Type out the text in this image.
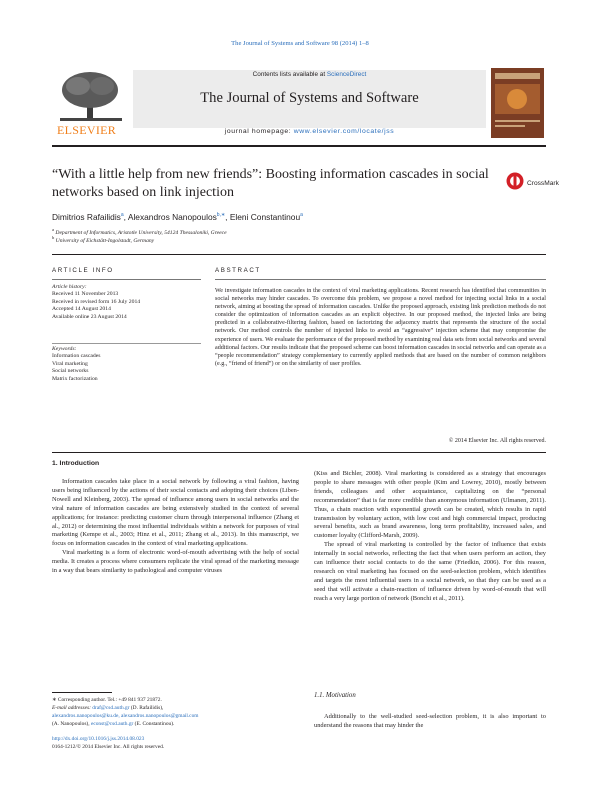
The Journal of Systems and Software 98 (2014) 1–8
ELSEVIER
Contents lists available at ScienceDirect
The Journal of Systems and Software
journal homepage: www.elsevier.com/locate/jss
“With a little help from new friends”: Boosting information cascades in social networks based on link injection
CrossMark
Dimitrios Rafailidis$^a$, Alexandros Nanopoulos$^{b,∗}$, Eleni Constantinou$^a$
$^a$ Department of Informatics, Aristotle University, 54124 Thessaloniki, Greece
$^b$ University of Eichstätt-Ingolstadt, Germany
ARTICLE INFO
Article history:
Received 11 November 2013
Received in revised form 16 July 2014
Accepted 14 August 2014
Available online 23 August 2014
Keywords:
Information cascades
Viral marketing
Social networks
Matrix factorization
ABSTRACT
We investigate information cascades in the context of viral marketing applications. Recent research has identified that communities in social networks may hinder cascades. To overcome this problem, we propose a novel method for injecting social links in a social network, aiming at boosting the spread of information cascades. Unlike the proposed approach, existing link prediction methods do not consider the optimization of information cascades as an explicit objective. In our proposed method, the injected links are being predicted in a collaborative-filtering fashion, based on factorizing the adjacency matrix that represents the structure of the social network. Our method controls the number of injected links to avoid an “aggressive” injection scheme that may compromise the experience of users. We evaluate the performance of the proposed method by examining real data sets from social networks and several additional factors. Our results indicate that the proposed scheme can boost information cascades in social networks and can operate as a “people recommendation” strategy complementary to currently applied methods that are based on the number of common neighbors (e.g., “friend of friend”) or on the similarity of user profiles.
© 2014 Elsevier Inc. All rights reserved.
1. Introduction

Information cascades take place in a social network by following a viral fashion, having users being influenced by the actions of their social contacts and adopting their choices (Liben-Nowell and Kleinberg, 2003). The spread of influence among users in social networks and the viral nature of information cascades are being extensively studied in the context of several applications; for instance: predicting customer churn through interpersonal influence (Zhang et al., 2012) or determining the most influential individuals within a network for purposes of viral marketing (Kempe et al., 2003; Hinz et al., 2011; Zhang et al., 2013). In this manuscript, we focus on information cascades in the context of viral marketing applications.

Viral marketing is a form of electronic word-of-mouth advertising with the help of social media. It creates a process where consumers replicate the viral spread of the marketing message in a way that bears similarity to pathological and computer viruses

(Kiss and Bichler, 2008). Viral marketing is considered as a strategy that encourages people to share messages with other people (Kim and Lowrey, 2010), mostly between friends, colleagues and other acquaintance, capitalizing on the “personal recommendation” that is far more credible than anonymous information (Ulmanen, 2011). Thus, a chain reaction with exponential growth can be created, which results in rapid transmission by voluntary action, with low cost and high commercial impact, producing several benefits, such as brand awareness, long term profitability, increased sales, and customer loyalty (Clifford-Marsh, 2009).

The spread of viral marketing is controlled by the factor of influence that exists internally in social networks, reflecting the fact that when users perform an action, they can influence their social contacts to do the same (Friedkin, 2006). For this reason, research on viral marketing has focused on the seed-selection problem, which identifies and targets the most influential users in a social network, so that they can be used as a seed that will activate a chain-reaction of influence driven by word-of-mouth that will reach a very large portion of network (Bonchi et al., 2011).

1.1. Motivation

Additionally to the well-studied seed-selection problem, it is also important to understand the reasons that may hinder the

∗ Corresponding author. Tel.: +49 841 937 21872.
E-mail addresses: draf@csd.auth.gr (D. Rafailidis),
alexandros.nanopoulos@ku.de, alexandros.nanopoulos@gmail.com
(A. Nanopoulos), econst@csd.auth.gr (E. Constantinou).
http://dx.doi.org/10.1016/j.jss.2014.08.023
0164-1212/© 2014 Elsevier Inc. All rights reserved.
